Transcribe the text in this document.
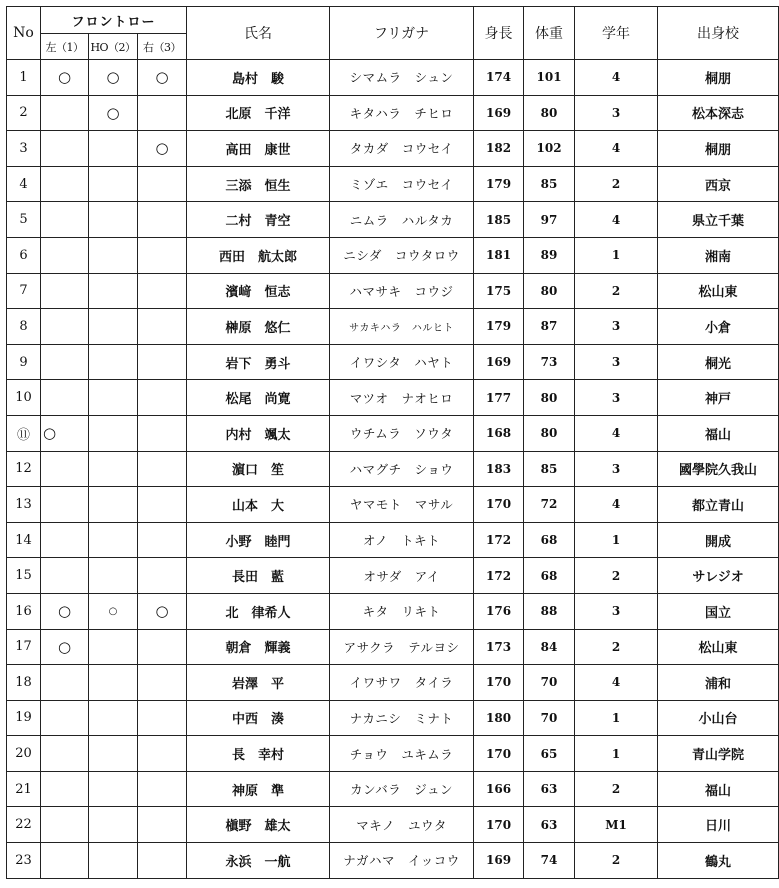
No	フロントロー			氏名	フリガナ	身長	体重	学年	出身校
	左（1）	HO（2）	右（3）						
1	○	○	○	島村　駿	シマムラ　シュン	174	101	4	桐朋
2		○		北原　千洋	キタハラ　チヒロ	169	80	3	松本深志
3			○	高田　康世	タカダ　コウセイ	182	102	4	桐朋
4				三添　恒生	ミゾエ　コウセイ	179	85	2	西京
5				二村　青空	ニムラ　ハルタカ	185	97	4	県立千葉
6				西田　航太郎	ニシダ　コウタロウ	181	89	1	湘南
7				濱﨑　恒志	ハマサキ　コウジ	175	80	2	松山東
8				榊原　悠仁	サカキハラ　ハルヒト	179	87	3	小倉
9				岩下　勇斗	イワシタ　ハヤト	169	73	3	桐光
10				松尾　尚寛	マツオ　ナオヒロ	177	80	3	神戸
⑪	○			内村　颯太	ウチムラ　ソウタ	168	80	4	福山
12				濵口　笙	ハマグチ　ショウ	183	85	3	國學院久我山
13				山本　大	ヤマモト　マサル	170	72	4	都立青山
14				小野　睦門	オノ　トキト	172	68	1	開成
15				長田　藍	オサダ　アイ	172	68	2	サレジオ
16	○	○	○	北　律希人	キタ　リキト	176	88	3	国立
17	○			朝倉　輝義	アサクラ　テルヨシ	173	84	2	松山東
18				岩澤　平	イワサワ　タイラ	170	70	4	浦和
19				中西　湊	ナカニシ　ミナト	180	70	1	小山台
20				長　幸村	チョウ　ユキムラ	170	65	1	青山学院
21				神原　準	カンバラ　ジュン	166	63	2	福山
22				槇野　雄太	マキノ　ユウタ	170	63	M1	日川
23				永浜　一航	ナガハマ　イッコウ	169	74	2	鶴丸
